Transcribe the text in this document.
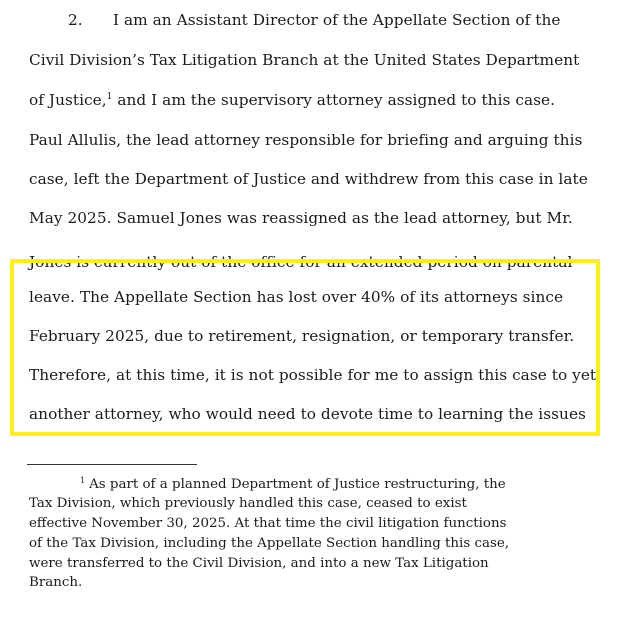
2. I am an Assistant Director of the Appellate Section of the
Civil Division’s Tax Litigation Branch at the United States Department
of Justice,$^1$ and I am the supervisory attorney assigned to this case.
Paul Allulis, the lead attorney responsible for briefing and arguing this
case, left the Department of Justice and withdrew from this case in late
May 2025. Samuel Jones was reassigned as the lead attorney, but Mr.
Jones is currently out of the office for an extended period on parental
leave. The Appellate Section has lost over 40% of its attorneys since
February 2025, due to retirement, resignation, or temporary transfer.
Therefore, at this time, it is not possible for me to assign this case to yet
another attorney, who would need to devote time to learning the issues
$^1$ As part of a planned Department of Justice restructuring, the
Tax Division, which previously handled this case, ceased to exist
effective November 30, 2025. At that time the civil litigation functions
of the Tax Division, including the Appellate Section handling this case,
were transferred to the Civil Division, and into a new Tax Litigation
Branch.
